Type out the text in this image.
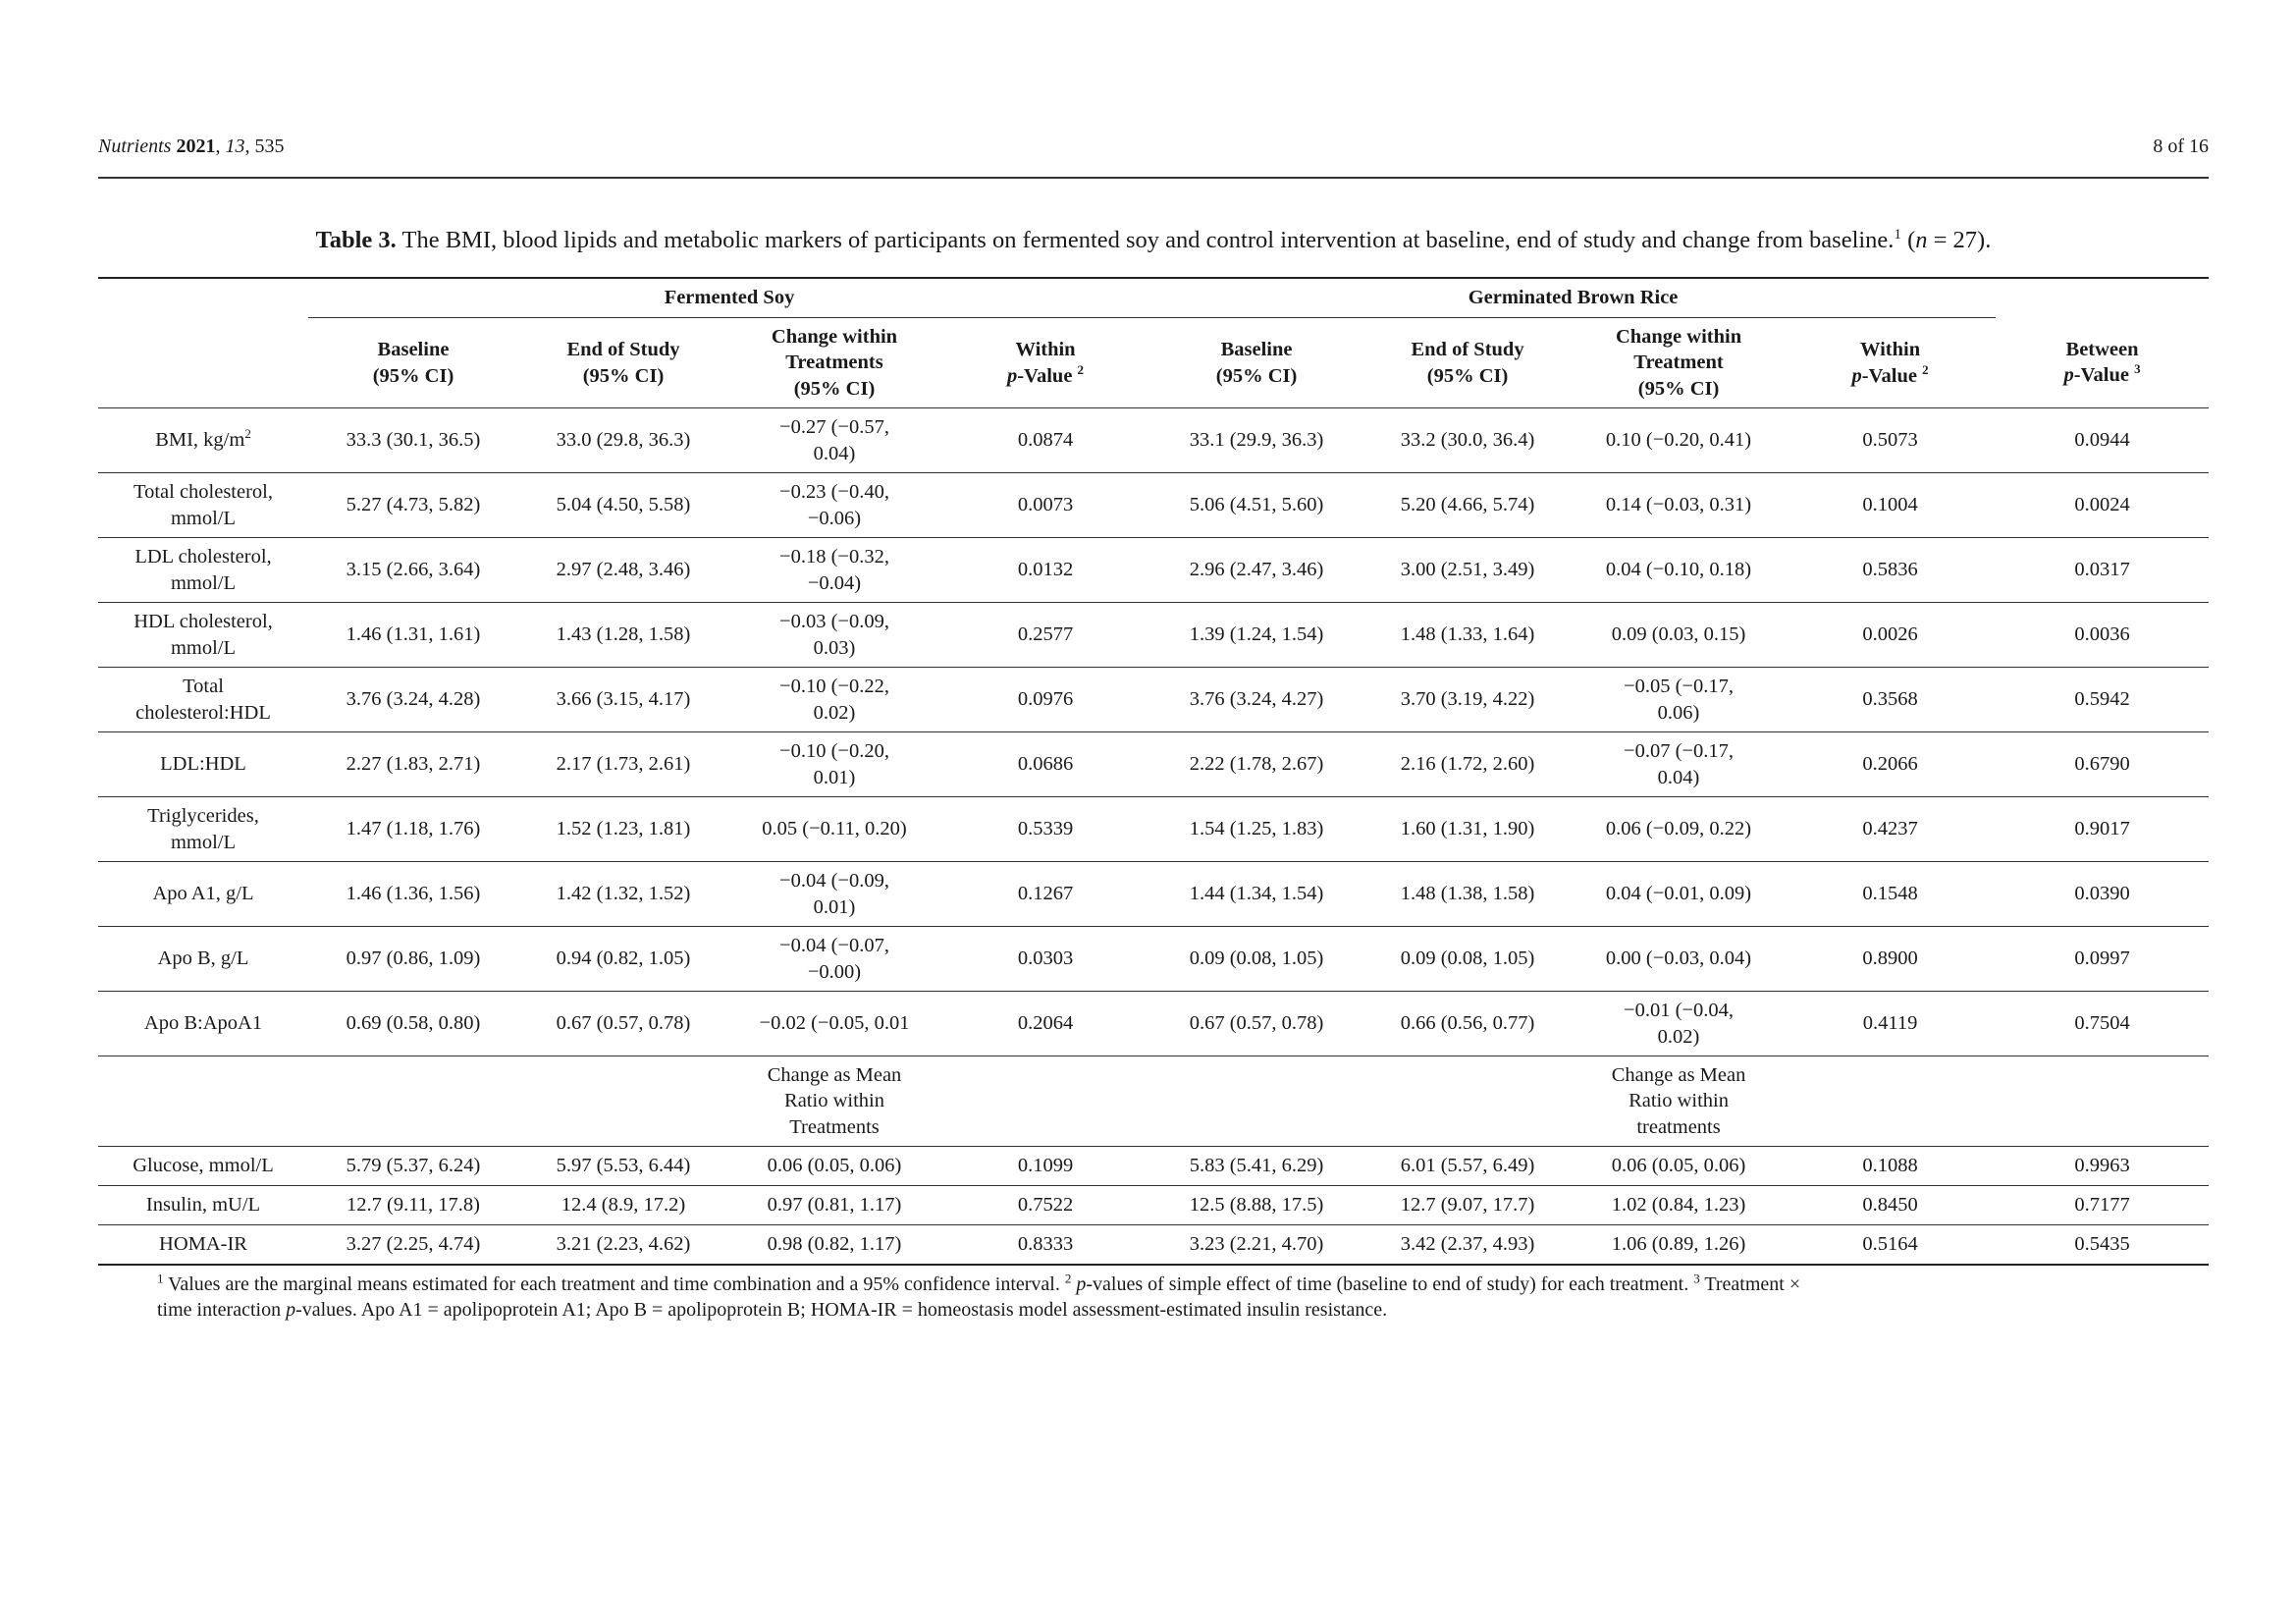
Nutrients 2021, 13, 535	8 of 16
Table 3. The BMI, blood lipids and metabolic markers of participants on fermented soy and control intervention at baseline, end of study and change from baseline.$^1$ (n = 27).
	Fermented Soy				Germinated Brown Rice				
	Baseline
(95% CI)	End of Study
(95% CI)	Change within
Treatments
(95% CI)	Within
p-Value $^2$	Baseline
(95% CI)	End of Study
(95% CI)	Change within
Treatment
(95% CI)	Within
p-Value $^2$	Between
p-Value $^3$
BMI, $kg/m^2$	33.3 (30.1, 36.5)	33.0 (29.8, 36.3)	−0.27 (−0.57,
0.04)	0.0874	33.1 (29.9, 36.3)	33.2 (30.0, 36.4)	0.10 (−0.20, 0.41)	0.5073	0.0944
Total cholesterol,
mmol/L	5.27 (4.73, 5.82)	5.04 (4.50, 5.58)	−0.23 (−0.40,
−0.06)	0.0073	5.06 (4.51, 5.60)	5.20 (4.66, 5.74)	0.14 (−0.03, 0.31)	0.1004	0.0024
LDL cholesterol,
mmol/L	3.15 (2.66, 3.64)	2.97 (2.48, 3.46)	−0.18 (−0.32,
−0.04)	0.0132	2.96 (2.47, 3.46)	3.00 (2.51, 3.49)	0.04 (−0.10, 0.18)	0.5836	0.0317
HDL cholesterol,
mmol/L	1.46 (1.31, 1.61)	1.43 (1.28, 1.58)	−0.03 (−0.09,
0.03)	0.2577	1.39 (1.24, 1.54)	1.48 (1.33, 1.64)	0.09 (0.03, 0.15)	0.0026	0.0036
Total
cholesterol:HDL	3.76 (3.24, 4.28)	3.66 (3.15, 4.17)	−0.10 (−0.22,
0.02)	0.0976	3.76 (3.24, 4.27)	3.70 (3.19, 4.22)	−0.05 (−0.17,
0.06)	0.3568	0.5942
LDL:HDL	2.27 (1.83, 2.71)	2.17 (1.73, 2.61)	−0.10 (−0.20,
0.01)	0.0686	2.22 (1.78, 2.67)	2.16 (1.72, 2.60)	−0.07 (−0.17,
0.04)	0.2066	0.6790
Triglycerides,
mmol/L	1.47 (1.18, 1.76)	1.52 (1.23, 1.81)	0.05 (−0.11, 0.20)	0.5339	1.54 (1.25, 1.83)	1.60 (1.31, 1.90)	0.06 (−0.09, 0.22)	0.4237	0.9017
Apo A1, g/L	1.46 (1.36, 1.56)	1.42 (1.32, 1.52)	−0.04 (−0.09,
0.01)	0.1267	1.44 (1.34, 1.54)	1.48 (1.38, 1.58)	0.04 (−0.01, 0.09)	0.1548	0.0390
Apo B, g/L	0.97 (0.86, 1.09)	0.94 (0.82, 1.05)	−0.04 (−0.07,
−0.00)	0.0303	0.09 (0.08, 1.05)	0.09 (0.08, 1.05)	0.00 (−0.03, 0.04)	0.8900	0.0997
Apo B:ApoA1	0.69 (0.58, 0.80)	0.67 (0.57, 0.78)	−0.02 (−0.05, 0.01	0.2064	0.67 (0.57, 0.78)	0.66 (0.56, 0.77)	−0.01 (−0.04,
0.02)	0.4119	0.7504
			Change as Mean
Ratio within
Treatments				Change as Mean
Ratio within
treatments		
Glucose, mmol/L	5.79 (5.37, 6.24)	5.97 (5.53, 6.44)	0.06 (0.05, 0.06)	0.1099	5.83 (5.41, 6.29)	6.01 (5.57, 6.49)	0.06 (0.05, 0.06)	0.1088	0.9963
Insulin, mU/L	12.7 (9.11, 17.8)	12.4 (8.9, 17.2)	0.97 (0.81, 1.17)	0.7522	12.5 (8.88, 17.5)	12.7 (9.07, 17.7)	1.02 (0.84, 1.23)	0.8450	0.7177
HOMA-IR	3.27 (2.25, 4.74)	3.21 (2.23, 4.62)	0.98 (0.82, 1.17)	0.8333	3.23 (2.21, 4.70)	3.42 (2.37, 4.93)	1.06 (0.89, 1.26)	0.5164	0.5435

$^1$ Values are the marginal means estimated for each treatment and time combination and a 95% confidence interval. $^2$ p-values of simple effect of time (baseline to end of study) for each treatment. $^3$ Treatment ×

time interaction p-values. Apo A1 = apolipoprotein A1; Apo B = apolipoprotein B; HOMA-IR = homeostasis model assessment-estimated insulin resistance.
